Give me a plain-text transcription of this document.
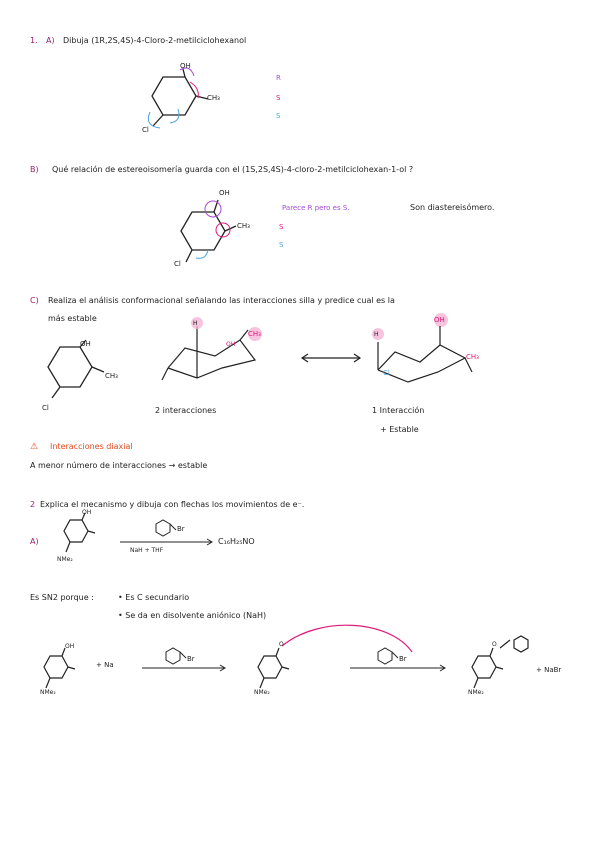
1. A) Dibuja (1R,2S,4S)-4-Cloro-2-metilciclohexanol
OH
CH₃
Cl
R
S
S
B) Qué relación de estereoisomería guarda con el (1S,2S,4S)-4-cloro-2-metilciclohexan-1-ol ?
OH
CH₃
Cl
Parece R pero es S.	Son diastereisómero.
S
S
C) Realiza el análisis conformacional señalando las interacciones silla y predice cual es la
más estable
OH
CH₃
Cl
H
CH₃
OH
2 interacciones
OH
CH₃
Cl
H
1 Interacción
+ Estable
⚠ Interacciones diaxial
A menor número de interacciones → estable
2 Explica el mecanismo y dibuja con flechas los movimientos de e⁻.
A)
OH
NMe₂
Br
NaH + THF
C₁₆H₂₅NO
Es SN2 porque :	• Es C secundario
• Se da en disolvente aniónico (NaH)
OH
NMe₂
+ Na
Br
O
NMe₂
Br
O
NMe₂
+ NaBr
